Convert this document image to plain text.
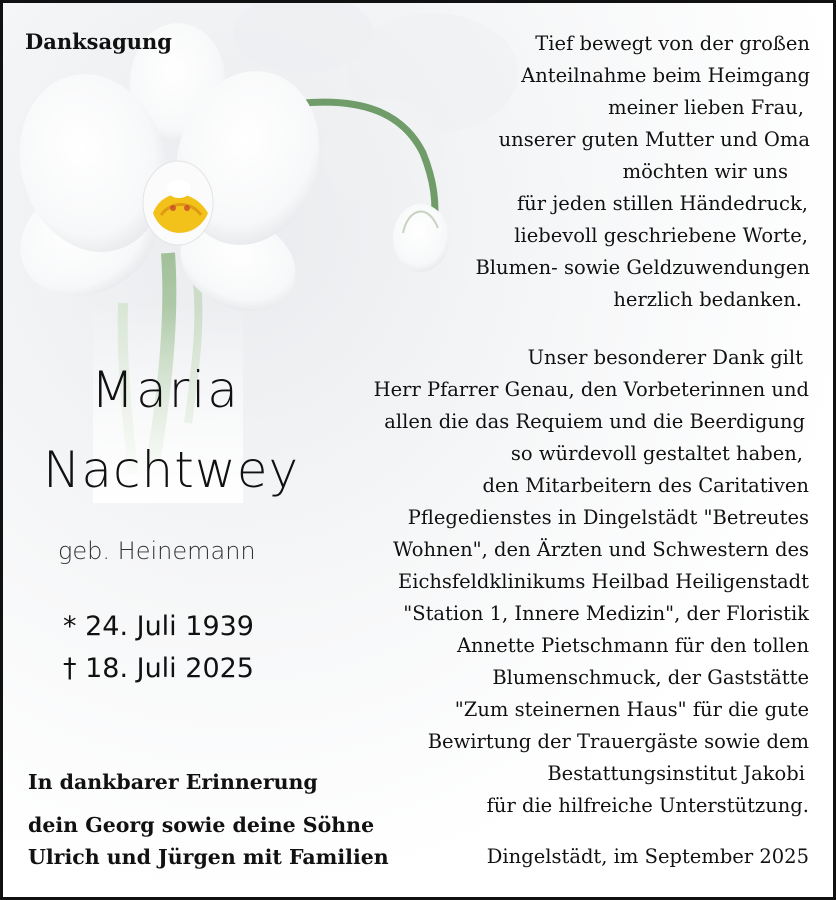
Danksagung	Tief bewegt von der großen
Anteilnahme beim Heimgang
meiner lieben Frau,
unserer guten Mutter und Oma
möchten wir uns
für jeden stillen Händedruck,
liebevoll geschriebene Worte,
Blumen- sowie Geldzuwendungen
herzlich bedanken.
Unser besonderer Dank gilt
Herr Pfarrer Genau, den Vorbeterinnen und
allen die das Requiem und die Beerdigung
so würdevoll gestaltet haben,
den Mitarbeitern des Caritativen
Pflegedienstes in Dingelstädt "Betreutes
Wohnen", den Ärzten und Schwestern des
Eichsfeldklinikums Heilbad Heiligenstadt
"Station 1, Innere Medizin", der Floristik
Annette Pietschmann für den tollen
Blumenschmuck, der Gaststätte
"Zum steinernen Haus" für die gute
Bewirtung der Trauergäste sowie dem
Bestattungsinstitut Jakobi
für die hilfreiche Unterstützung.
Dingelstädt, im September 2025
Maria
Nachtwey
geb. Heinemann
* 24. Juli 1939
† 18. Juli 2025
In dankbarer Erinnerung
dein Georg sowie deine Söhne
Ulrich und Jürgen mit Familien
